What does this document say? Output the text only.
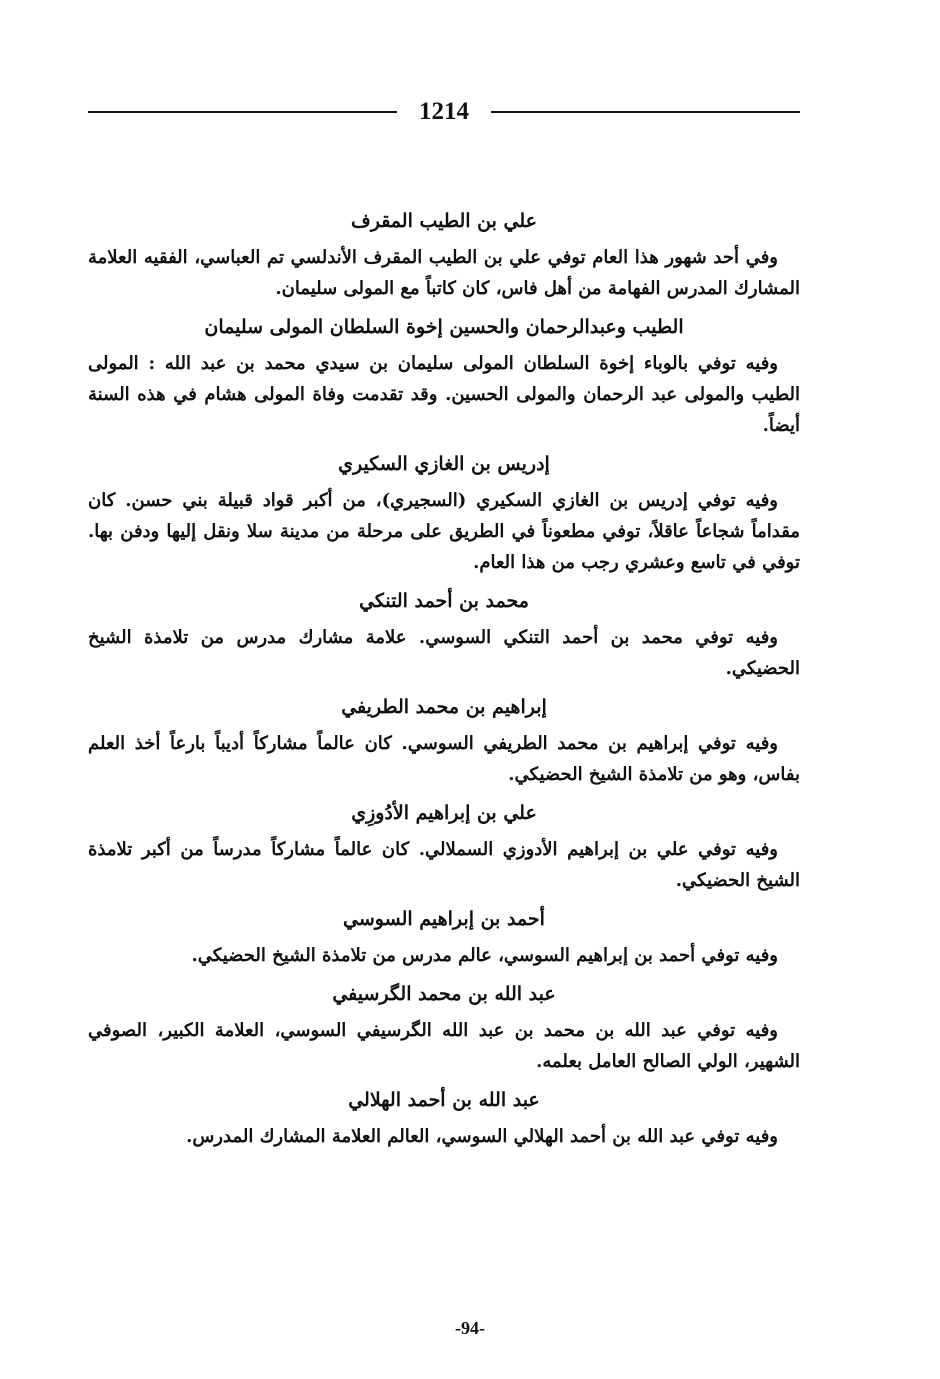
1214
علي بن الطيب المقرف

وفي أحد شهور هذا العام توفي علي بن الطيب المقرف الأندلسي تم العباسي، الفقيه العلامة المشارك المدرس الفهامة من أهل فاس، كان كاتباً مع المولى سليمان.

الطيب وعبدالرحمان والحسين إخوة السلطان المولى سليمان

وفيه توفي بالوباء إخوة السلطان المولى سليمان بن سيدي محمد بن عبد الله : المولى الطيب والمولى عبد الرحمان والمولى الحسين. وقد تقدمت وفاة المولى هشام في هذه السنة أيضاً.

إدريس بن الغازي السكيري

وفيه توفي إدريس بن الغازي السكيري (السجيري)، من أكبر قواد قبيلة بني حسن. كان مقداماً شجاعاً عاقلاً، توفي مطعوناً في الطريق على مرحلة من مدينة سلا ونقل إليها ودفن بها. توفي في تاسع وعشري رجب من هذا العام.

محمد بن أحمد التنكي

وفيه توفي محمد بن أحمد التنكي السوسي. علامة مشارك مدرس من تلامذة الشيخ الحضيكي.

إبراهيم بن محمد الطريفي

وفيه توفي إبراهيم بن محمد الطريفي السوسي. كان عالماً مشاركاً أديباً بارعاً أخذ العلم بفاس، وهو من تلامذة الشيخ الحضيكي.

علي بن إبراهيم الأدُوزِي

وفيه توفي علي بن إبراهيم الأدوزي السملالي. كان عالماً مشاركاً مدرساً من أكبر تلامذة الشيخ الحضيكي.

أحمد بن إبراهيم السوسي

وفيه توفي أحمد بن إبراهيم السوسي، عالم مدرس من تلامذة الشيخ الحضيكي.

عبد الله بن محمد الگرسيفي

وفيه توفي عبد الله بن محمد بن عبد الله الگرسيفي السوسي، العلامة الكبير، الصوفي الشهير، الولي الصالح العامل بعلمه.

عبد الله بن أحمد الهلالي

وفيه توفي عبد الله بن أحمد الهلالي السوسي، العالم العلامة المشارك المدرس.

-94-
